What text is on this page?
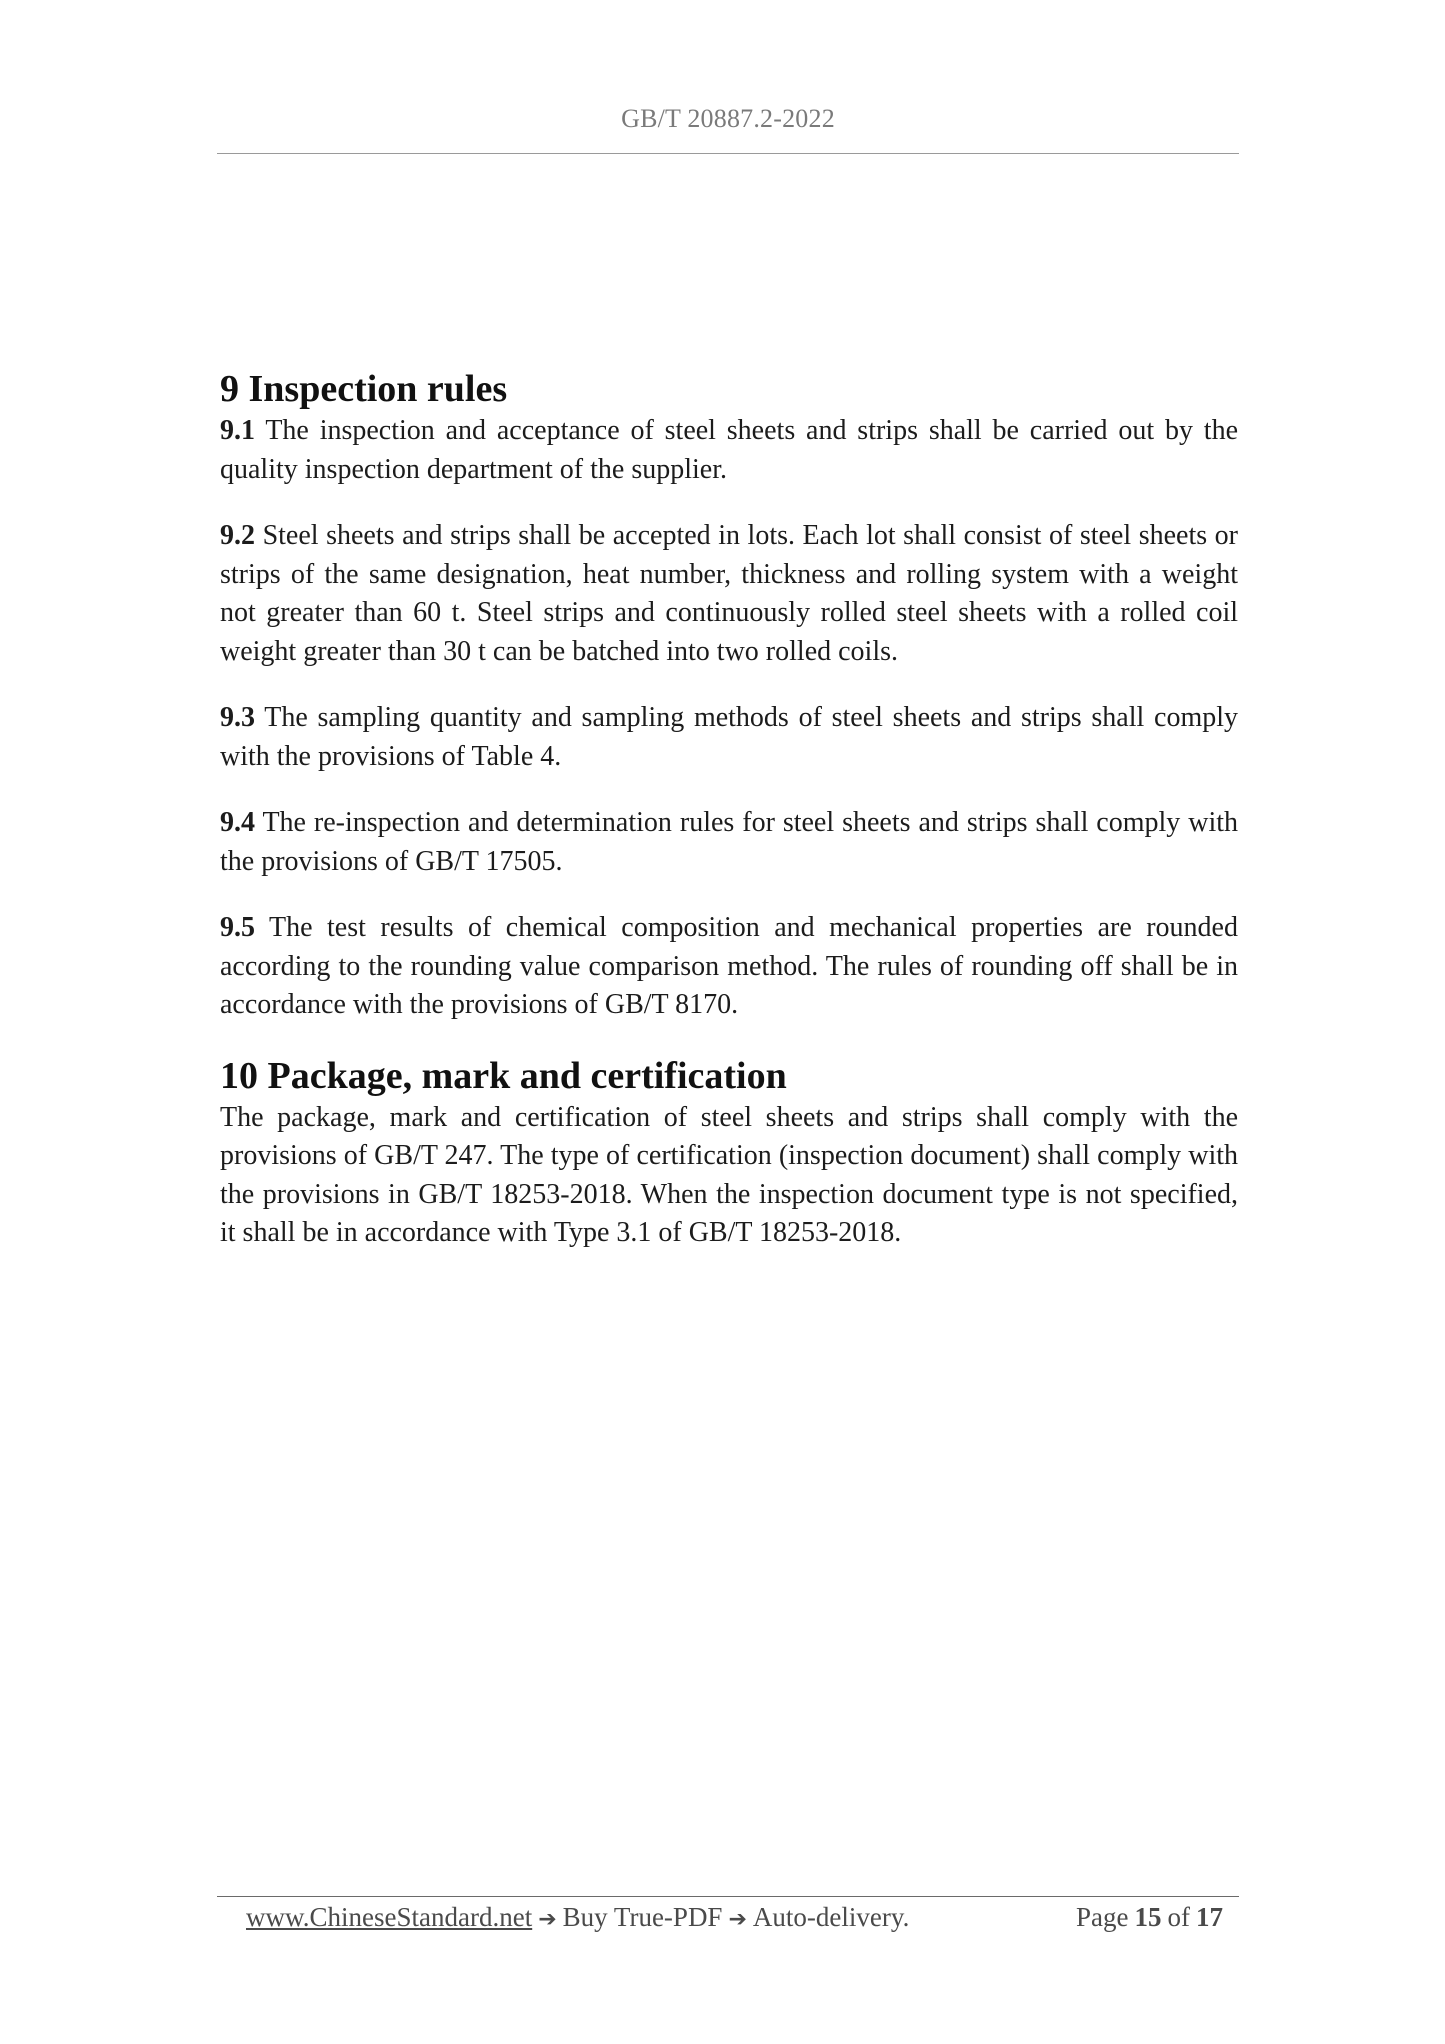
GB/T 20887.2-2022
9 Inspection rules

9.1 The inspection and acceptance of steel sheets and strips shall be carried out by the quality inspection department of the supplier.

9.2 Steel sheets and strips shall be accepted in lots. Each lot shall consist of steel sheets or strips of the same designation, heat number, thickness and rolling system with a weight not greater than 60 t. Steel strips and continuously rolled steel sheets with a rolled coil weight greater than 30 t can be batched into two rolled coils.

9.3 The sampling quantity and sampling methods of steel sheets and strips shall comply with the provisions of Table 4.

9.4 The re-inspection and determination rules for steel sheets and strips shall comply with the provisions of GB/T 17505.

9.5 The test results of chemical composition and mechanical properties are rounded according to the rounding value comparison method. The rules of rounding off shall be in accordance with the provisions of GB/T 8170.

10 Package, mark and certification

The package, mark and certification of steel sheets and strips shall comply with the provisions of GB/T 247. The type of certification (inspection document) shall comply with the provisions in GB/T 18253-2018. When the inspection document type is not specified, it shall be in accordance with Type 3.1 of GB/T 18253-2018.

www.ChineseStandard.net ➔ Buy True-PDF ➔ Auto-delivery.	Page 15 of 17
